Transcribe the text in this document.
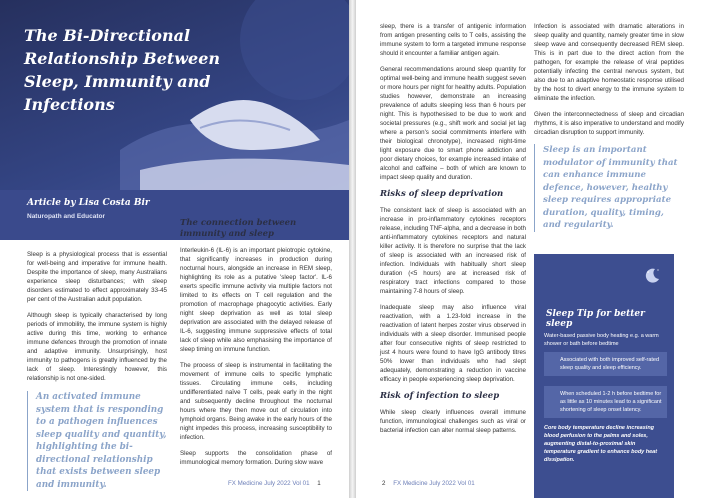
The Bi-Directional Relationship Between Sleep, Immunity and Infections
Article by Lisa Costa Bir
Naturopath and Educator

Sleep is a physiological process that is essential for well-being and imperative for immune health. Despite the importance of sleep, many Australians experience sleep disturbances; with sleep disorders estimated to effect approximately 33-45 per cent of the Australian adult population.

Although sleep is typically characterised by long periods of immobility, the immune system is highly active during this time, working to enhance immune defences through the promotion of innate and adaptive immunity. Unsurprisingly, host immunity to pathogens is greatly influenced by the lack of sleep. Interestingly however, this relationship is not one-sided.

An activated immune system that is responding to a pathogen influences sleep quality and quantity, highlighting the bi-directional relationship that exists between sleep and immunity.
The connection between immunity and sleep

Interleukin-6 (IL-6) is an important pleiotropic cytokine, that significantly increases in production during nocturnal hours, alongside an increase in REM sleep, highlighting its role as a putative 'sleep factor'. IL-6 exerts specific immune activity via multiple factors not limited to its effects on T cell regulation and the promotion of macrophage phagocytic activities. Early night sleep deprivation as well as total sleep deprivation are associated with the delayed release of IL-6, suggesting immune suppressive effects of total lack of sleep while also emphasising the importance of sleep timing on immune function.

The process of sleep is instrumental in facilitating the movement of immune cells to specific lymphatic tissues. Circulating immune cells, including undifferentiated naïve T cells, peak early in the night and subsequently decline throughout the nocturnal hours where they then move out of circulation into lymphoid organs. Being awake in the early hours of the night impedes this process, increasing susceptibility to infection.

Sleep supports the consolidation phase of immunological memory formation. During slow wave

FX Medicine July 2022 Vol 01 1

sleep, there is a transfer of antigenic information from antigen presenting cells to T cells, assisting the immune system to form a targeted immune response should it encounter a familiar antigen again.

General recommendations around sleep quantity for optimal well-being and immune health suggest seven or more hours per night for healthy adults. Population studies however, demonstrate an increasing prevalence of adults sleeping less than 6 hours per night. This is hypothesised to be due to work and societal pressures (e.g., shift work and social jet lag where a person's social commitments interfere with their biological chronotype), increased night-time light exposure due to smart phone addiction and poor dietary choices, for example increased intake of alcohol and caffeine – both of which are known to impact sleep quality and duration.

Risks of sleep deprivation

The consistent lack of sleep is associated with an increase in pro-inflammatory cytokines receptors release, including TNF-alpha, and a decrease in both anti-inflammatory cytokines receptors and natural killer activity. It is therefore no surprise that the lack of sleep is associated with an increased risk of infection. Individuals with habitually short sleep duration (<5 hours) are at increased risk of respiratory tract infections compared to those maintaining 7-8 hours of sleep.

Inadequate sleep may also influence viral reactivation, with a 1.23-fold increase in the reactivation of latent herpes zoster virus observed in individuals with a sleep disorder. Immunised people after four consecutive nights of sleep restricted to just 4 hours were found to have IgG antibody titres 50% lower than individuals who had slept adequately, demonstrating a reduction in vaccine efficacy in people experiencing sleep deprivation.

Risk of infection to sleep

While sleep clearly influences overall immune function, immunological challenges such as viral or bacterial infection can alter normal sleep patterns.

Infection is associated with dramatic alterations in sleep quality and quantity, namely greater time in slow sleep wave and consequently decreased REM sleep. This is in part due to the direct action from the pathogen, for example the release of viral peptides potentially infecting the central nervous system, but also due to an adaptive homeostatic response utilised by the host to divert energy to the immune system to eliminate the infection.

Given the interconnectedness of sleep and circadian rhythms, it is also imperative to understand and modify circadian disruption to support immunity.

Sleep is an important modulator of immunity that can enhance immune defence, however, healthy sleep requires appropriate duration, quality, timing, and regularity.
2 FX Medicine July 2022 Vol 01
Sleep Tip for better sleep
Water-based passive body heating e.g. a warm shower or bath before bedtime
Associated with both improved self-rated sleep quality and sleep efficiency.
When scheduled 1-2 h before bedtime for as little as 10 minutes lead to a significant shortening of sleep onset latency.
Core body temperature decline increasing blood perfusion to the palms and soles, augmenting distal-to-proximal skin temperature gradient to enhance body heat dissipation.
